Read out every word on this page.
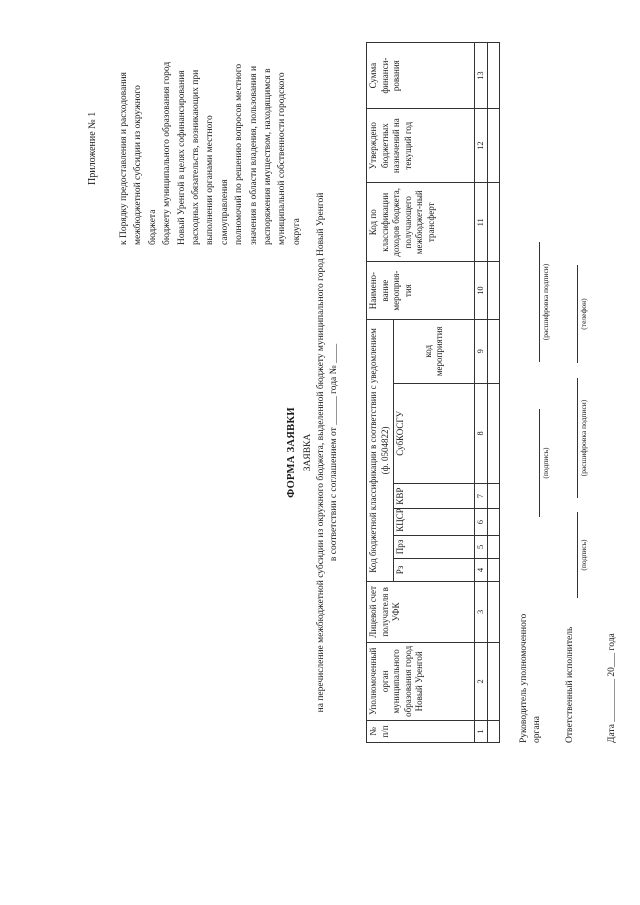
Приложение № 1 к Порядку предоставления и расходования межбюджетной субсидии из окружного бюджета бюджету муниципального образования город Новый Уренгой в целях софинансирования расходных обязательств, возникающих при выполнении органами местного самоуправления полномочий по решению вопросов местного значения в области владения, пользования и распоряжения имуществом, находящимся в муниципальной собственности городского округа
ФОРМА ЗАЯВКИ ЗАЯВКА на перечисление межбюджетной субсидии из окружного бюджета, выделенной бюджету муниципального город Новый Уренгой в соответствии с соглашением от ______ года № ____
№ п/п	Уполномоченный орган муниципального образования город Новый Уренгой	Лицевой счет получателя в УФК	Код бюджетной классификации в соответствии с уведомлением (ф. 0504822)						Наимено-вание мероприя-тия	Код по классификации доходов бюджета, получающего межбюджет-ный трансферт	Утверждено бюджетных назначений на текущий год	Сумма финанси-рования
			Рз	Прз	КЦСР	КВР	СубКОСГУ	код мероприятия				
1	2	3	4	5	6	7	8	9	10	11	12	13

Руководитель уполномоченного органа
(подпись)
(расшифровка подписи)
Ответственный исполнитель
(подпись)
(расшифровка подписи)
(телефон)
Дата _________ 20___ года
